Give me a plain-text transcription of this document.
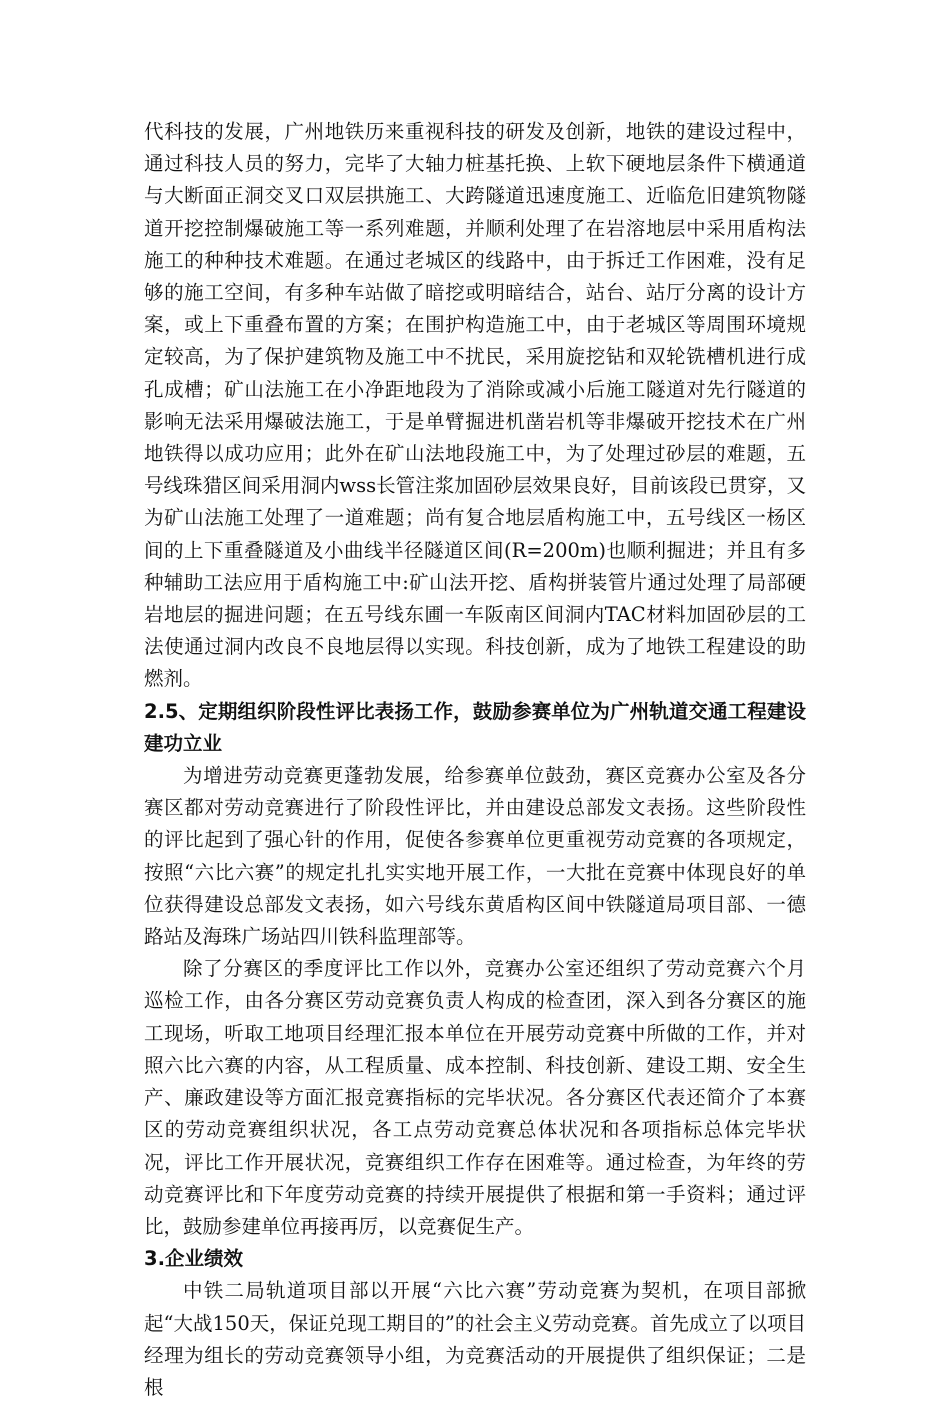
代科技的发展，广州地铁历来重视科技的研发及创新，地铁的建设过程中，通过科技人员的努力，完毕了大轴力桩基托换、上软下硬地层条件下横通道与大断面正洞交叉口双层拱施工、大跨隧道迅速度施工、近临危旧建筑物隧道开挖控制爆破施工等一系列难题，并顺利处理了在岩溶地层中采用盾构法施工的种种技术难题。在通过老城区的线路中，由于拆迁工作困难，没有足够的施工空间，有多种车站做了暗挖或明暗结合，站台、站厅分离的设计方案，或上下重叠布置的方案；在围护构造施工中，由于老城区等周围环境规定较高，为了保护建筑物及施工中不扰民，采用旋挖钻和双轮铣槽机进行成孔成槽；矿山法施工在小净距地段为了消除或减小后施工隧道对先行隧道的影响无法采用爆破法施工，于是单臂掘进机凿岩机等非爆破开挖技术在广州地铁得以成功应用；此外在矿山法地段施工中，为了处理过砂层的难题，五号线珠猎区间采用洞内wss长管注浆加固砂层效果良好，目前该段已贯穿，又为矿山法施工处理了一道难题；尚有复合地层盾构施工中，五号线区一杨区间的上下重叠隧道及小曲线半径隧道区间(R=200m)也顺利掘进；并且有多种辅助工法应用于盾构施工中:矿山法开挖、盾构拼装管片通过处理了局部硬岩地层的掘进问题；在五号线东圃一车阪南区间洞内TAC材料加固砂层的工法使通过洞内改良不良地层得以实现。科技创新，成为了地铁工程建设的助燃剂。

2.5、定期组织阶段性评比表扬工作，鼓励参赛单位为广州轨道交通工程建设建功立业

为增进劳动竞赛更蓬勃发展，给参赛单位鼓劲，赛区竞赛办公室及各分赛区都对劳动竞赛进行了阶段性评比，并由建设总部发文表扬。这些阶段性的评比起到了强心针的作用，促使各参赛单位更重视劳动竞赛的各项规定，按照“六比六赛”的规定扎扎实实地开展工作，一大批在竞赛中体现良好的单位获得建设总部发文表扬，如六号线东黄盾构区间中铁隧道局项目部、一德路站及海珠广场站四川铁科监理部等。

除了分赛区的季度评比工作以外，竞赛办公室还组织了劳动竞赛六个月巡检工作，由各分赛区劳动竞赛负责人构成的检查团，深入到各分赛区的施工现场，听取工地项目经理汇报本单位在开展劳动竞赛中所做的工作，并对照六比六赛的内容，从工程质量、成本控制、科技创新、建设工期、安全生产、廉政建设等方面汇报竞赛指标的完毕状况。各分赛区代表还简介了本赛区的劳动竞赛组织状况，各工点劳动竞赛总体状况和各项指标总体完毕状况，评比工作开展状况，竞赛组织工作存在困难等。通过检查，为年终的劳动竞赛评比和下年度劳动竞赛的持续开展提供了根据和第一手资料；通过评比，鼓励参建单位再接再厉，以竞赛促生产。

3.企业绩效

中铁二局轨道项目部以开展“六比六赛”劳动竞赛为契机，在项目部掀起“大战150天，保证兑现工期目的”的社会主义劳动竞赛。首先成立了以项目经理为组长的劳动竞赛领导小组，为竞赛活动的开展提供了组织保证；二是根
